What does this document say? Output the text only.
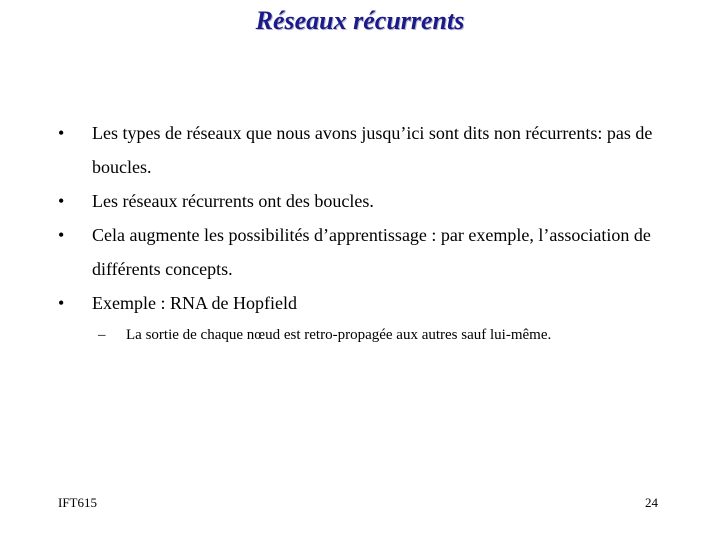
Réseaux récurrents
•	Les types de réseaux que nous avons jusqu’ici sont dits non récurrents: pas de boucles.
•	Les réseaux récurrents ont des boucles.
•	Cela augmente les possibilités d’apprentissage : par exemple, l’association de différents concepts.
•	Exemple : RNA de Hopfield
– La sortie de chaque nœud est retro-propagée aux autres sauf lui-même.
IFT615	24
